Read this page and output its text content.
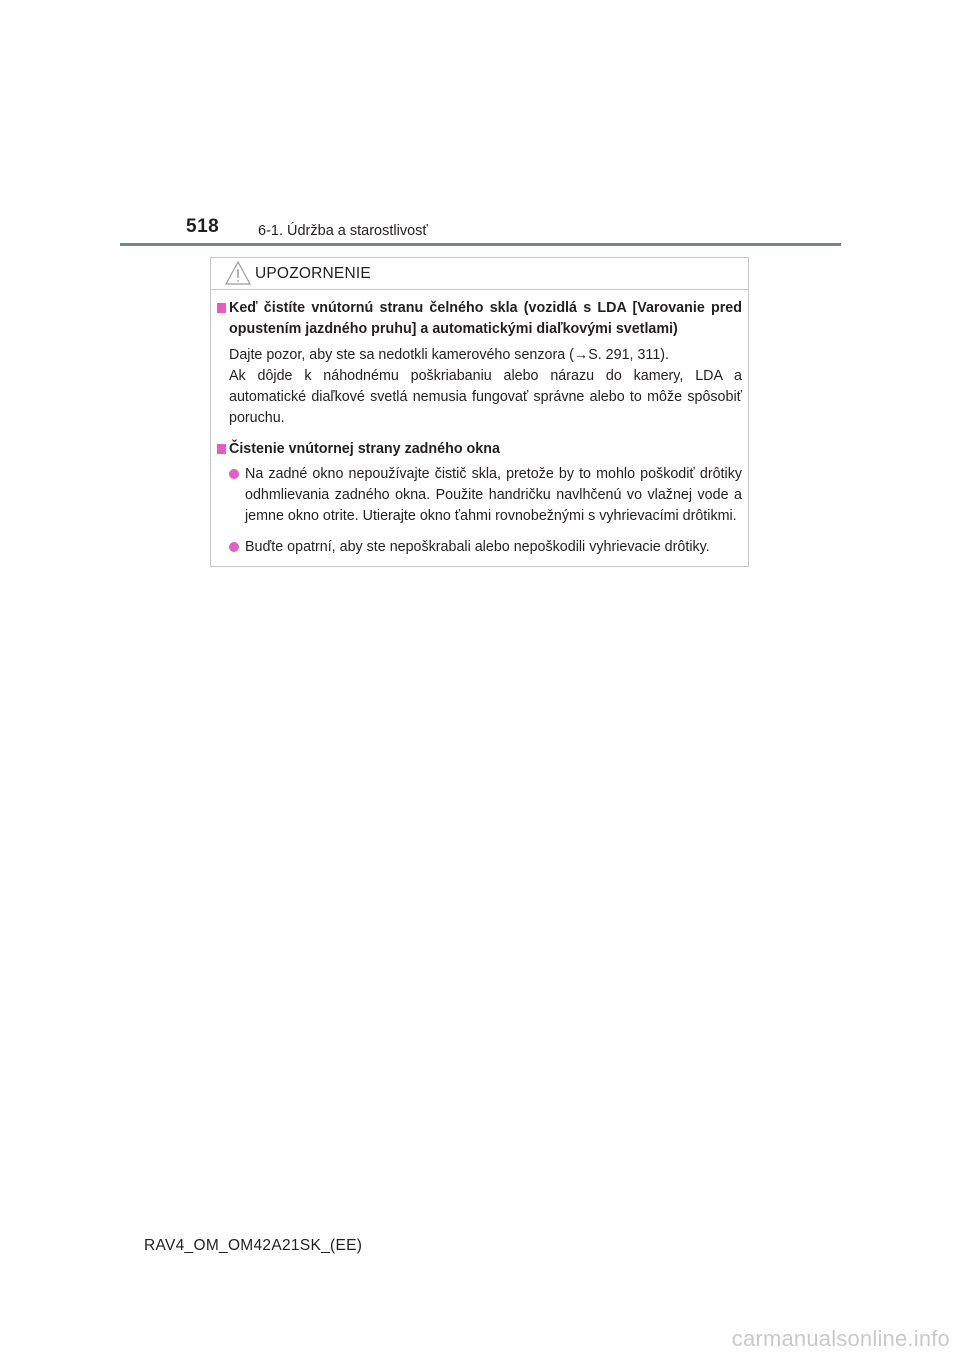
518	6-1. Údržba a starostlivosť
UPOZORNENIE
Keď čistíte vnútornú stranu čelného skla (vozidlá s LDA [Varovanie pred opustením jazdného pruhu] a automatickými diaľkovými svetlami)
Dajte pozor, aby ste sa nedotkli kamerového senzora (→S. 291, 311).
Ak dôjde k náhodnému poškriabaniu alebo nárazu do kamery, LDA a automatické diaľkové svetlá nemusia fungovať správne alebo to môže spôsobiť poruchu.
Čistenie vnútornej strany zadného okna
Na zadné okno nepoužívajte čistič skla, pretože by to mohlo poškodiť drôtiky odhmlievania zadného okna. Použite handričku navlhčenú vo vlažnej vode a jemne okno otrite. Utierajte okno ťahmi rovnobežnými s vyhrievacími drôtikmi.
Buďte opatrní, aby ste nepoškrabali alebo nepoškodili vyhrievacie drôtiky.
RAV4_OM_OM42A21SK_(EE)
carmanualsonline.info
